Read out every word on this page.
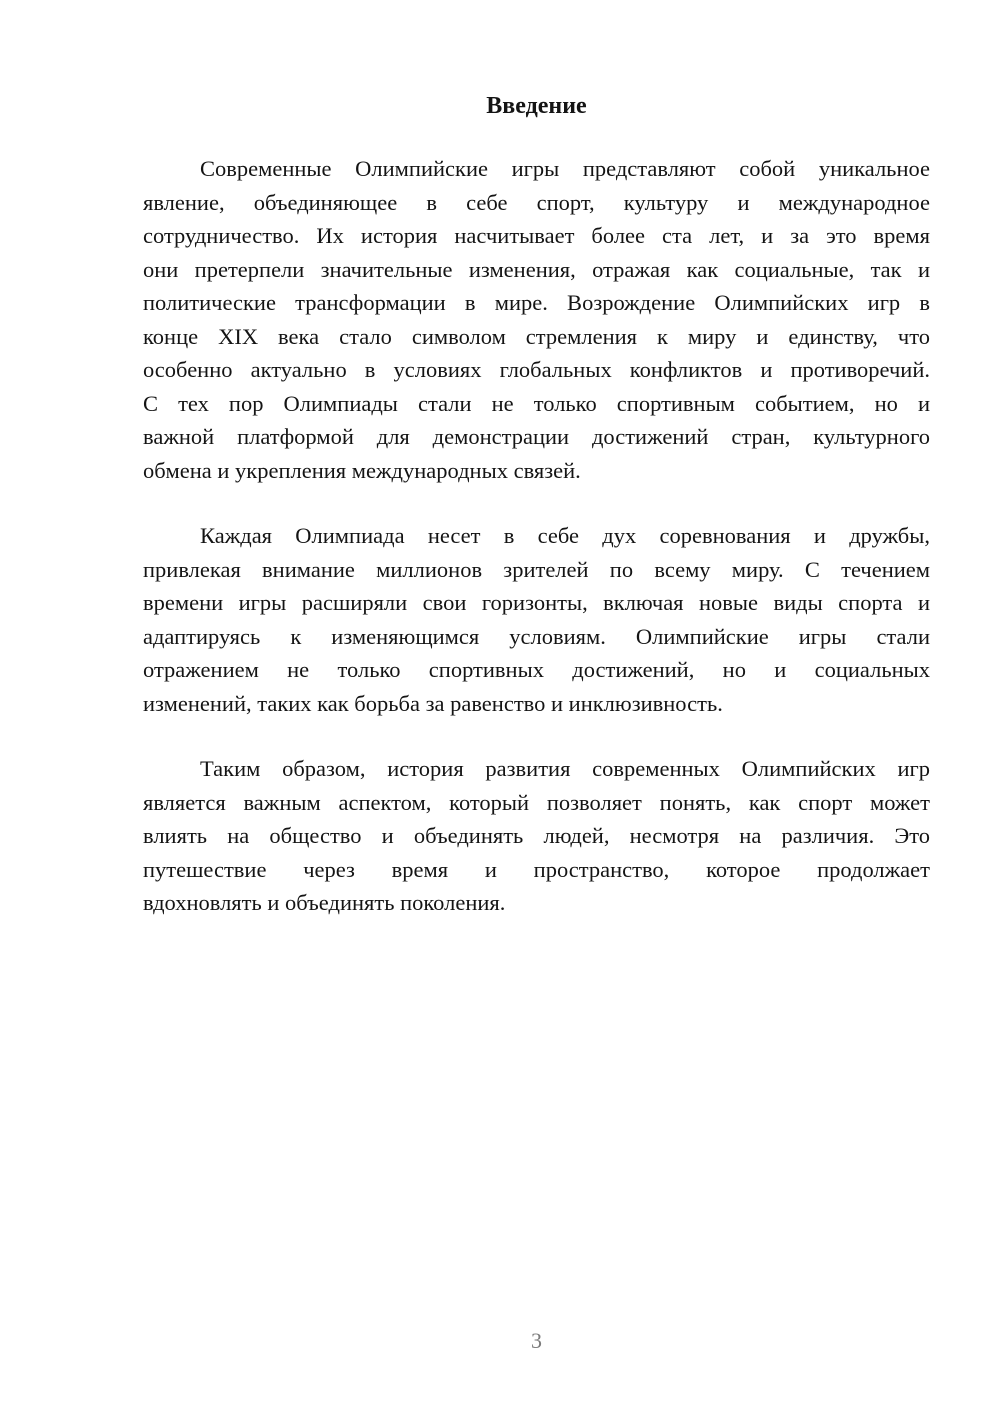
Введение
Современные Олимпийские игры представляют собой уникальное
явление, объединяющее в себе спорт, культуру и международное
сотрудничество. Их история насчитывает более ста лет, и за это время
они претерпели значительные изменения, отражая как социальные, так и
политические трансформации в мире. Возрождение Олимпийских игр в
конце XIX века стало символом стремления к миру и единству, что
особенно актуально в условиях глобальных конфликтов и противоречий.
С тех пор Олимпиады стали не только спортивным событием, но и
важной платформой для демонстрации достижений стран, культурного
обмена и укрепления международных связей.
Каждая Олимпиада несет в себе дух соревнования и дружбы,
привлекая внимание миллионов зрителей по всему миру. С течением
времени игры расширяли свои горизонты, включая новые виды спорта и
адаптируясь к изменяющимся условиям. Олимпийские игры стали
отражением не только спортивных достижений, но и социальных
изменений, таких как борьба за равенство и инклюзивность.
Таким образом, история развития современных Олимпийских игр
является важным аспектом, который позволяет понять, как спорт может
влиять на общество и объединять людей, несмотря на различия. Это
путешествие через время и пространство, которое продолжает
вдохновлять и объединять поколения.
3
